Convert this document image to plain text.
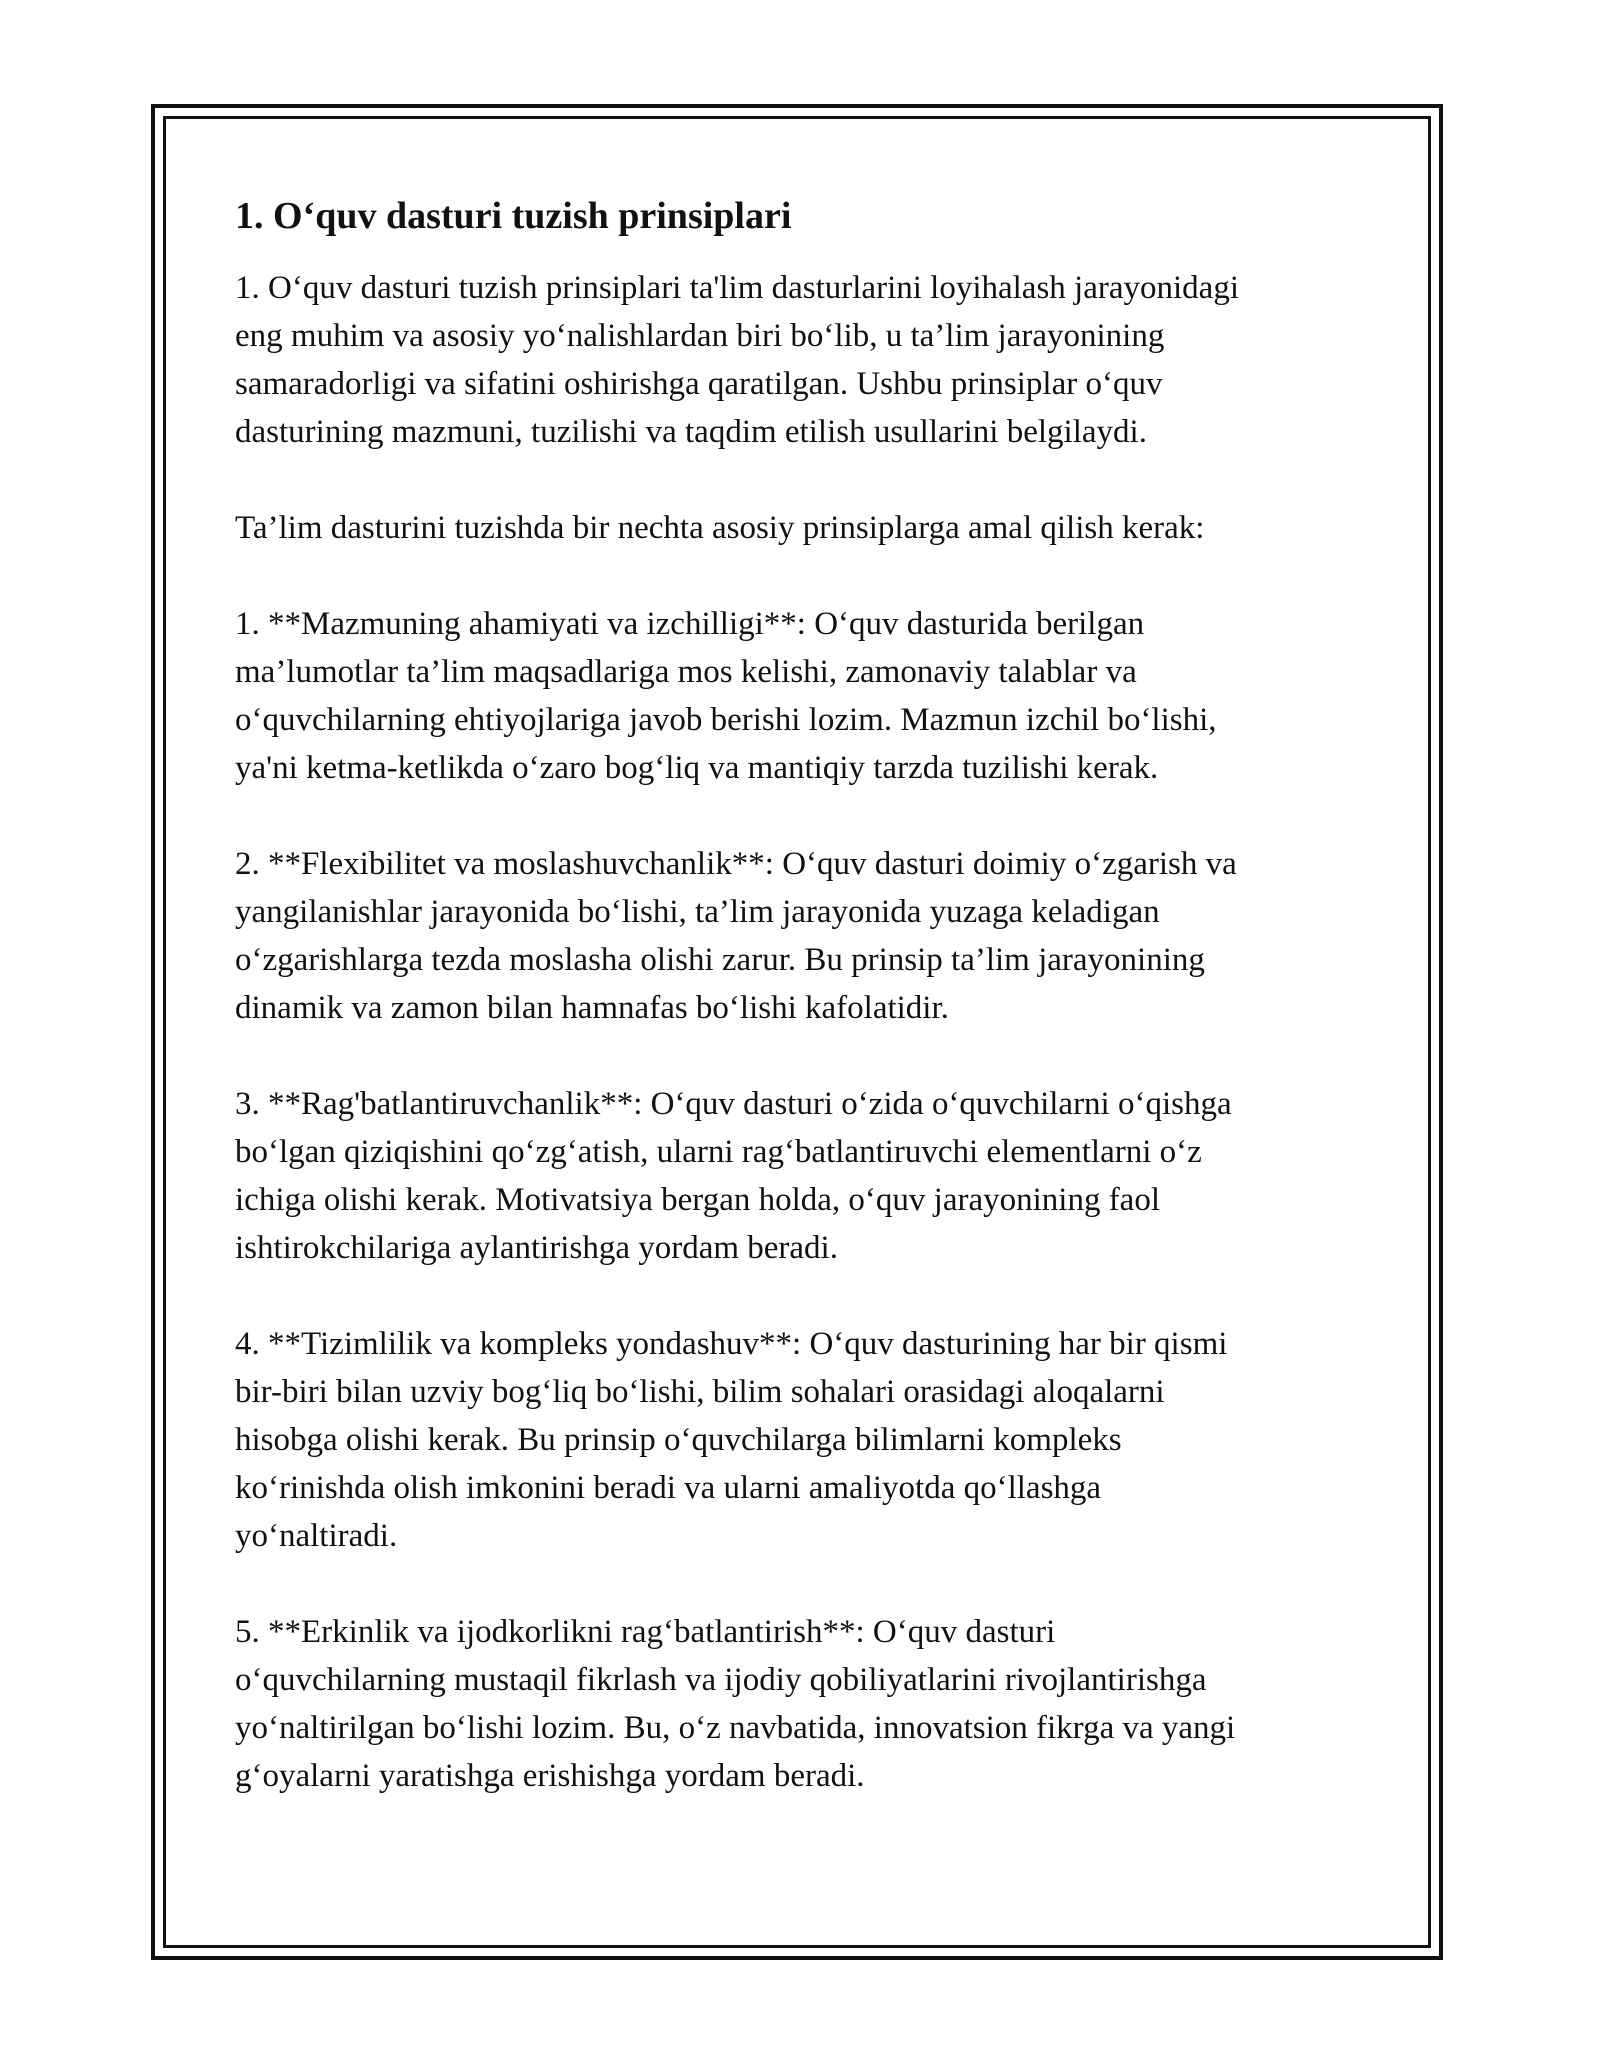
1. O‘quv dasturi tuzish prinsiplari

1. O‘quv dasturi tuzish prinsiplari ta'lim dasturlarini loyihalash jarayonidagi
eng muhim va asosiy yo‘nalishlardan biri bo‘lib, u ta’lim jarayonining
samaradorligi va sifatini oshirishga qaratilgan. Ushbu prinsiplar o‘quv
dasturining mazmuni, tuzilishi va taqdim etilish usullarini belgilaydi.

Ta’lim dasturini tuzishda bir nechta asosiy prinsiplarga amal qilish kerak:

1. **Mazmuning ahamiyati va izchilligi**: O‘quv dasturida berilgan
ma’lumotlar ta’lim maqsadlariga mos kelishi, zamonaviy talablar va
o‘quvchilarning ehtiyojlariga javob berishi lozim. Mazmun izchil bo‘lishi,
ya'ni ketma-ketlikda o‘zaro bog‘liq va mantiqiy tarzda tuzilishi kerak.

2. **Flexibilitet va moslashuvchanlik**: O‘quv dasturi doimiy o‘zgarish va
yangilanishlar jarayonida bo‘lishi, ta’lim jarayonida yuzaga keladigan
o‘zgarishlarga tezda moslasha olishi zarur. Bu prinsip ta’lim jarayonining
dinamik va zamon bilan hamnafas bo‘lishi kafolatidir.

3. **Rag'batlantiruvchanlik**: O‘quv dasturi o‘zida o‘quvchilarni o‘qishga
bo‘lgan qiziqishini qo‘zg‘atish, ularni rag‘batlantiruvchi elementlarni o‘z
ichiga olishi kerak. Motivatsiya bergan holda, o‘quv jarayonining faol
ishtirokchilariga aylantirishga yordam beradi.

4. **Tizimlilik va kompleks yondashuv**: O‘quv dasturining har bir qismi
bir-biri bilan uzviy bog‘liq bo‘lishi, bilim sohalari orasidagi aloqalarni
hisobga olishi kerak. Bu prinsip o‘quvchilarga bilimlarni kompleks
ko‘rinishda olish imkonini beradi va ularni amaliyotda qo‘llashga
yo‘naltiradi.

5. **Erkinlik va ijodkorlikni rag‘batlantirish**: O‘quv dasturi
o‘quvchilarning mustaqil fikrlash va ijodiy qobiliyatlarini rivojlantirishga
yo‘naltirilgan bo‘lishi lozim. Bu, o‘z navbatida, innovatsion fikrga va yangi
g‘oyalarni yaratishga erishishga yordam beradi.
